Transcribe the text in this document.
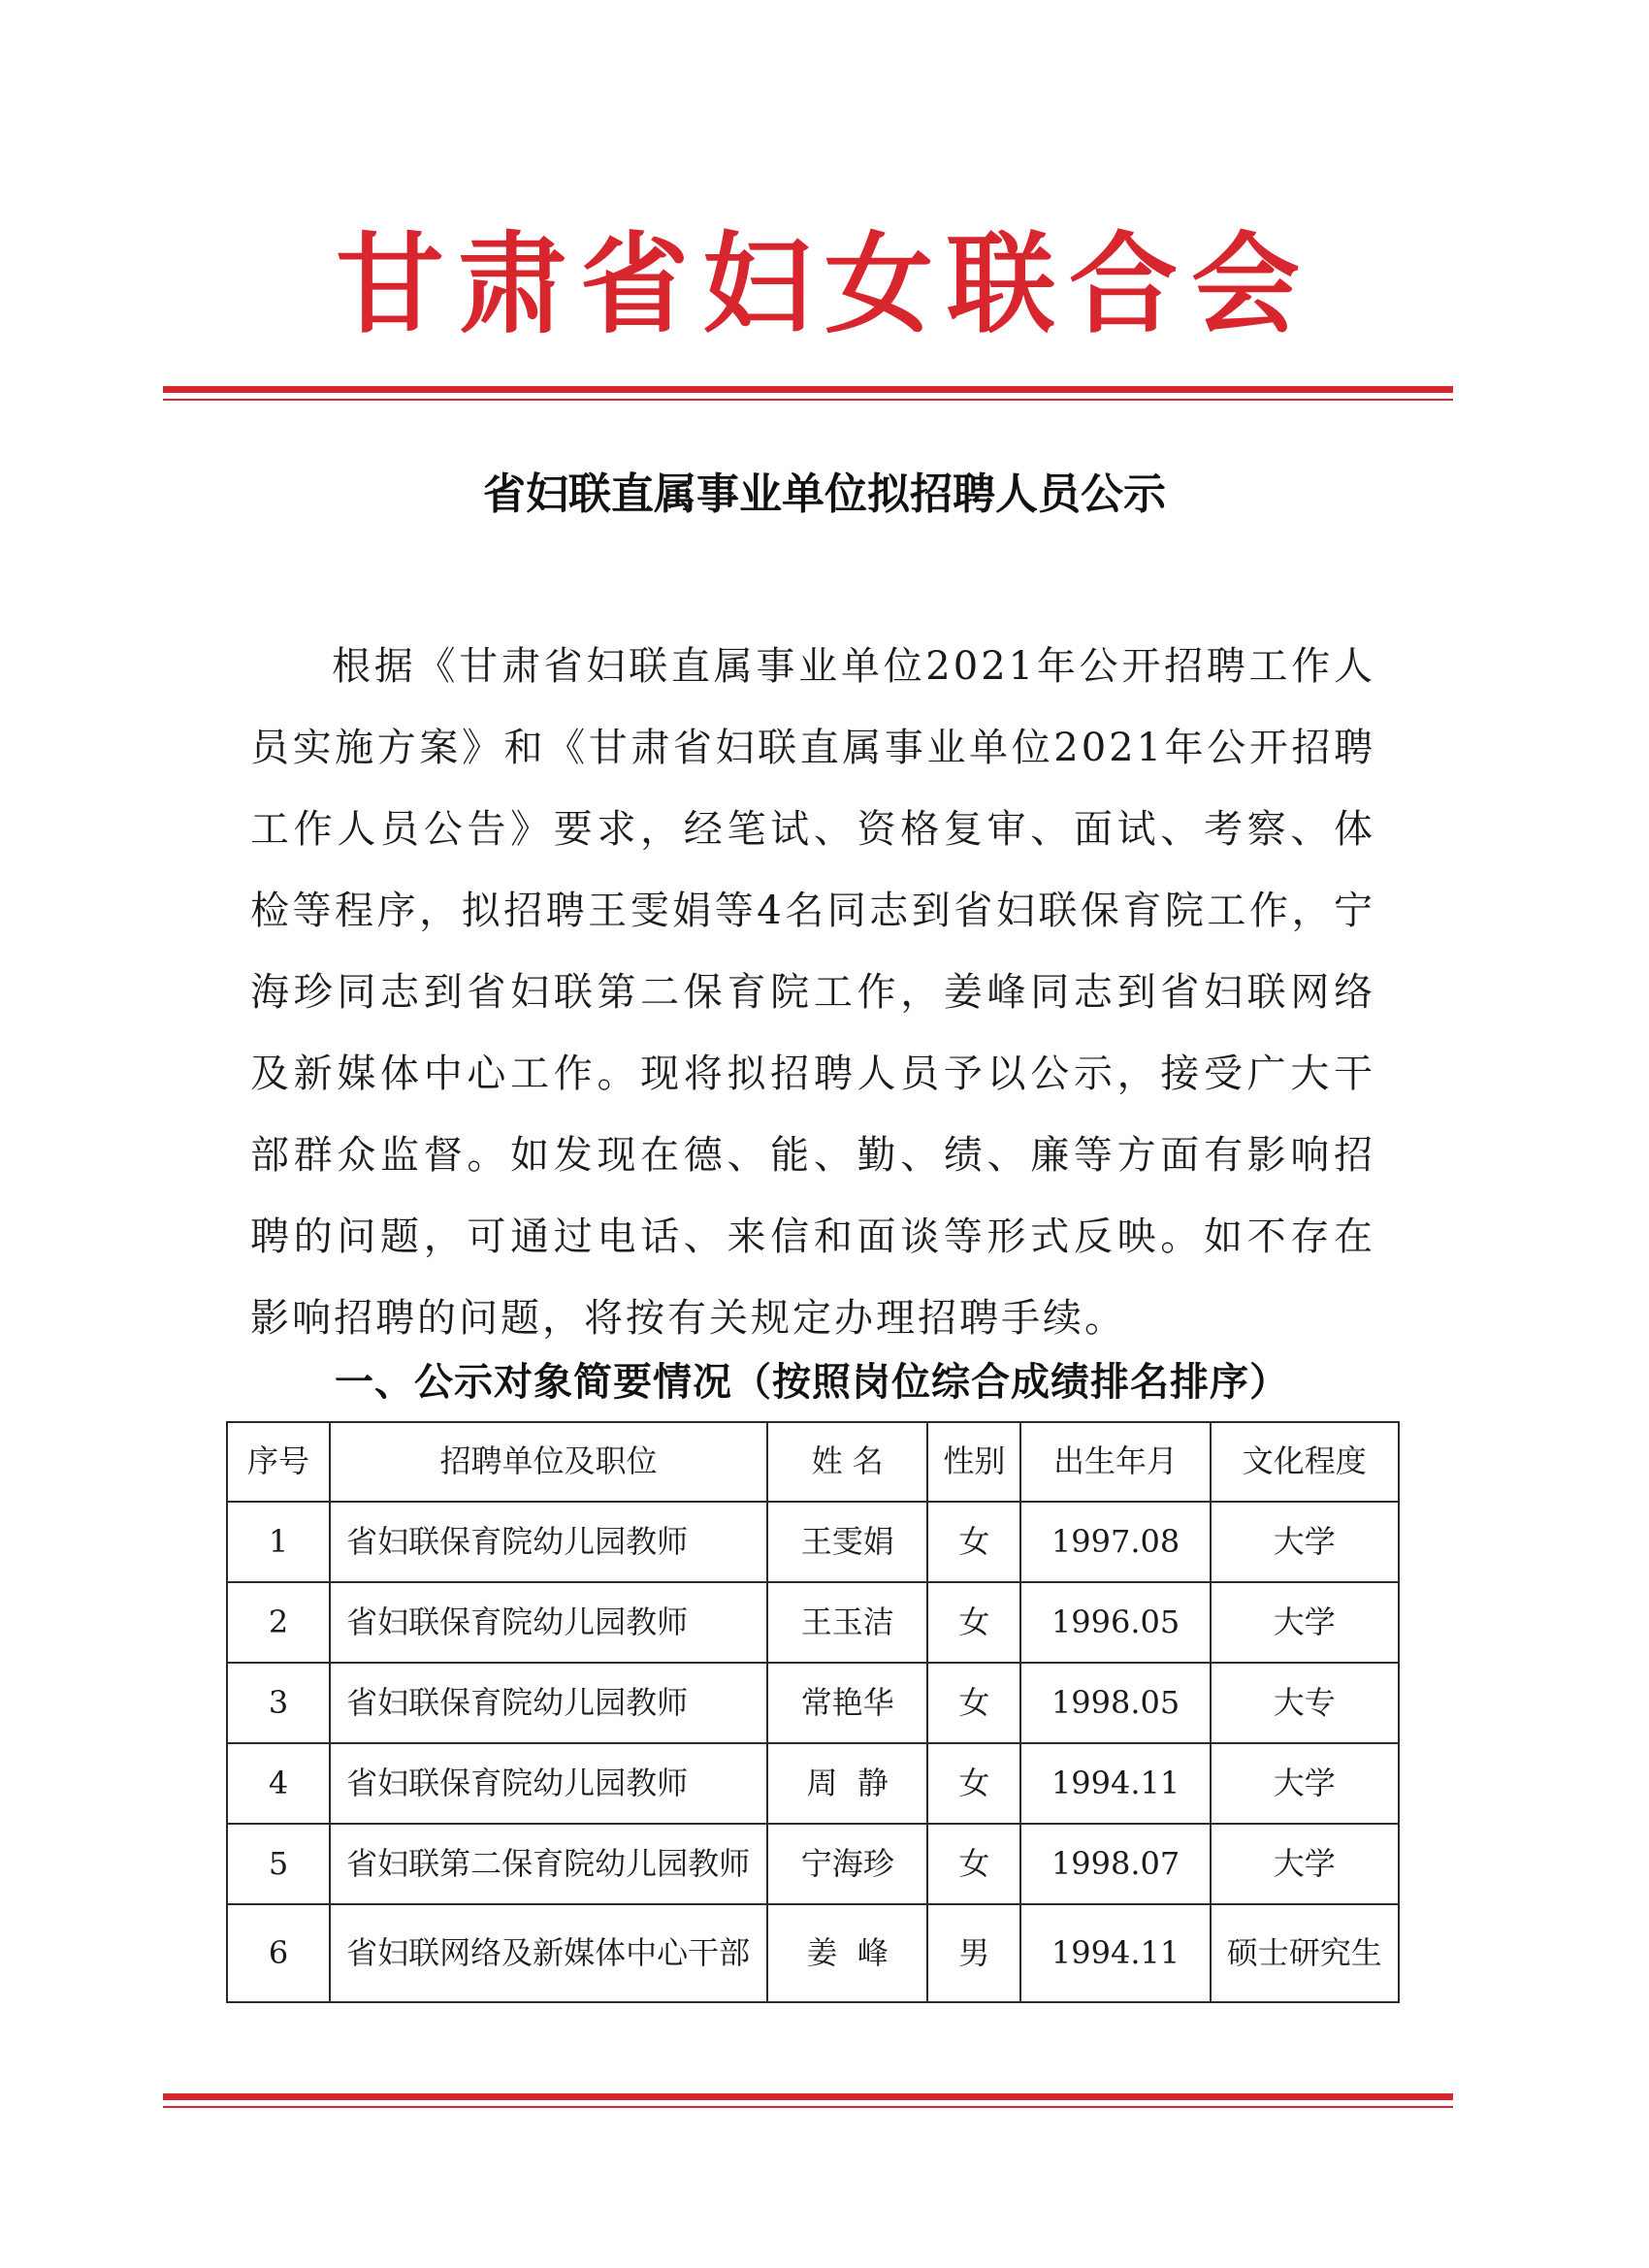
甘肃省妇女联合会
省妇联直属事业单位拟招聘人员公示
根据《甘肃省妇联直属事业单位2021年公开招聘工作人员实施方案》和《甘肃省妇联直属事业单位2021年公开招聘工作人员公告》要求，经笔试、资格复审、面试、考察、体检等程序，拟招聘王雯娟等4名同志到省妇联保育院工作，宁海珍同志到省妇联第二保育院工作，姜峰同志到省妇联网络及新媒体中心工作。现将拟招聘人员予以公示，接受广大干部群众监督。如发现在德、能、勤、绩、廉等方面有影响招聘的问题，可通过电话、来信和面谈等形式反映。如不存在影响招聘的问题，将按有关规定办理招聘手续。
一、公示对象简要情况（按照岗位综合成绩排名排序）
序号	招聘单位及职位	姓 名	性别	出生年月	文化程度
1	省妇联保育院幼儿园教师	王雯娟	女	1997.08	大学
2	省妇联保育院幼儿园教师	王玉洁	女	1996.05	大学
3	省妇联保育院幼儿园教师	常艳华	女	1998.05	大专
4	省妇联保育院幼儿园教师	周  静	女	1994.11	大学
5	省妇联第二保育院幼儿园教师	宁海珍	女	1998.07	大学
6	省妇联网络及新媒体中心干部	姜  峰	男	1994.11	硕士研究生
